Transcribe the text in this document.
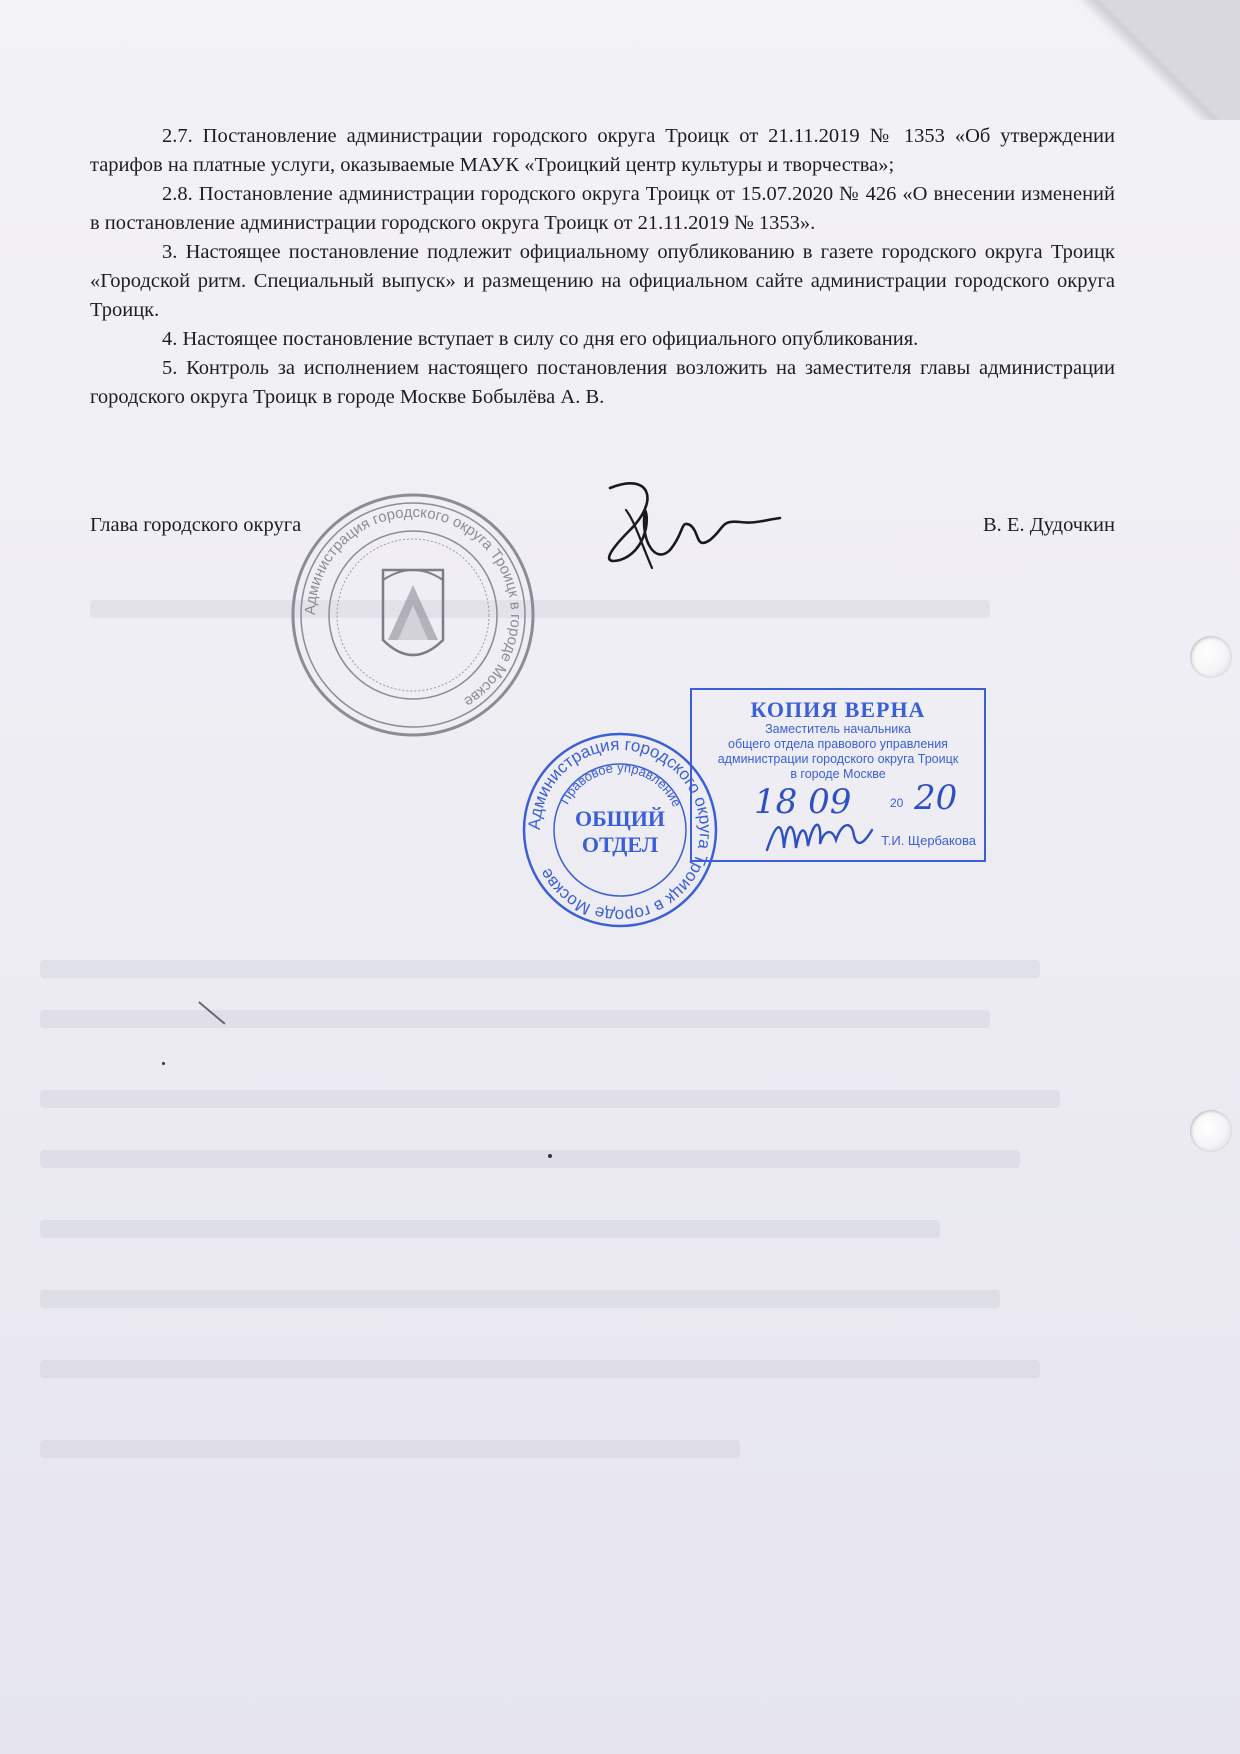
2.7. Постановление администрации городского округа Троицк от 21.11.2019 № 1353 «Об утверждении тарифов на платные услуги, оказываемые МАУК «Троицкий центр культуры и творчества»;

2.8. Постановление администрации городского округа Троицк от 15.07.2020 № 426 «О внесении изменений в постановление администрации городского округа Троицк от 21.11.2019 № 1353».

3. Настоящее постановление подлежит официальному опубликованию в газете городского округа Троицк «Городской ритм. Специальный выпуск» и размещению на официальном сайте администрации городского округа Троицк.

4. Настоящее постановление вступает в силу со дня его официального опубликования.

5. Контроль за исполнением настоящего постановления возложить на заместителя главы администрации городского округа Троицк в городе Москве Бобылёва А. В.

Глава городского округа	В. Е. Дудочкин
Администрация городского округа Троицк в городе Москве
Администрация городского округа Троицк в городе Москве
Правовое управление
ОБЩИЙ
ОТДЕЛ
КОПИЯ ВЕРНА
Заместитель начальника
общего отдела правового управления
администрации городского округа Троицк
в городе Москве
18 09	20 20
Т.И. Щербакова
